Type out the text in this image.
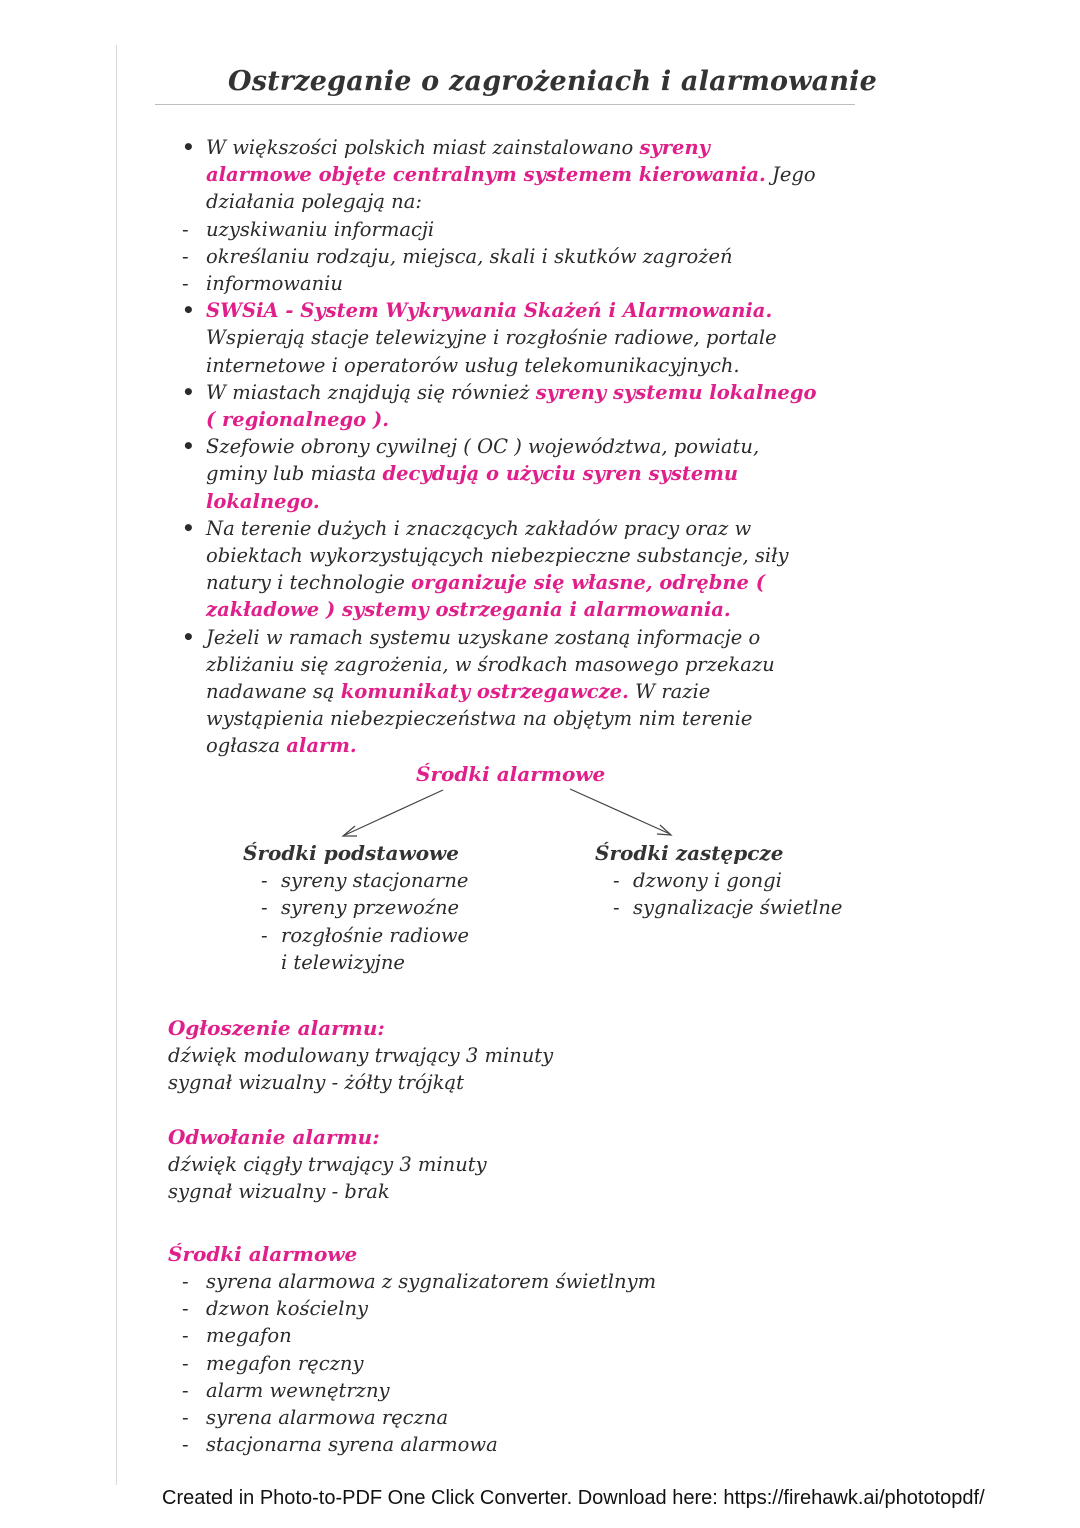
Ostrzeganie o zagrożeniach i alarmowanie
•
W większości polskich miast zainstalowano syreny alarmowe objęte centralnym systemem kierowania. Jego działania polegają na:
-
uzyskiwaniu informacji
-
określaniu rodzaju, miejsca, skali i skutków zagrożeń
-
informowaniu
•
SWSiA - System Wykrywania Skażeń i Alarmowania. Wspierają stacje telewizyjne i rozgłośnie radiowe, portale internetowe i operatorów usług telekomunikacyjnych.
•
W miastach znajdują się również syreny systemu lokalnego ( regionalnego ).
•
Szefowie obrony cywilnej ( OC ) województwa, powiatu, gminy lub miasta decydują o użyciu syren systemu lokalnego.
•
Na terenie dużych i znaczących zakładów pracy oraz w obiektach wykorzystujących niebezpieczne substancje, siły natury i technologie organizuje się własne, odrębne ( zakładowe ) systemy ostrzegania i alarmowania.
•
Jeżeli w ramach systemu uzyskane zostaną informacje o zbliżaniu się zagrożenia, w środkach masowego przekazu nadawane są komunikaty ostrzegawcze. W razie wystąpienia niebezpieczeństwa na objętym nim terenie ogłasza alarm.
Środki alarmowe
Środki podstawowe
- syreny stacjonarne
- syreny przewoźne
- rozgłośnie radiowe i telewizyjne
Środki zastępcze
- dzwony i gongi
- sygnalizacje świetlne
Ogłoszenie alarmu:
dźwięk modulowany trwający 3 minuty
sygnał wizualny - żółty trójkąt
Odwołanie alarmu:
dźwięk ciągły trwający 3 minuty
sygnał wizualny - brak
Środki alarmowe
-
syrena alarmowa z sygnalizatorem świetlnym
-
dzwon kościelny
-
megafon
-
megafon ręczny
-
alarm wewnętrzny
-
syrena alarmowa ręczna
-
stacjonarna syrena alarmowa
Created in Photo-to-PDF One Click Converter. Download here: https://firehawk.ai/phototopdf/
